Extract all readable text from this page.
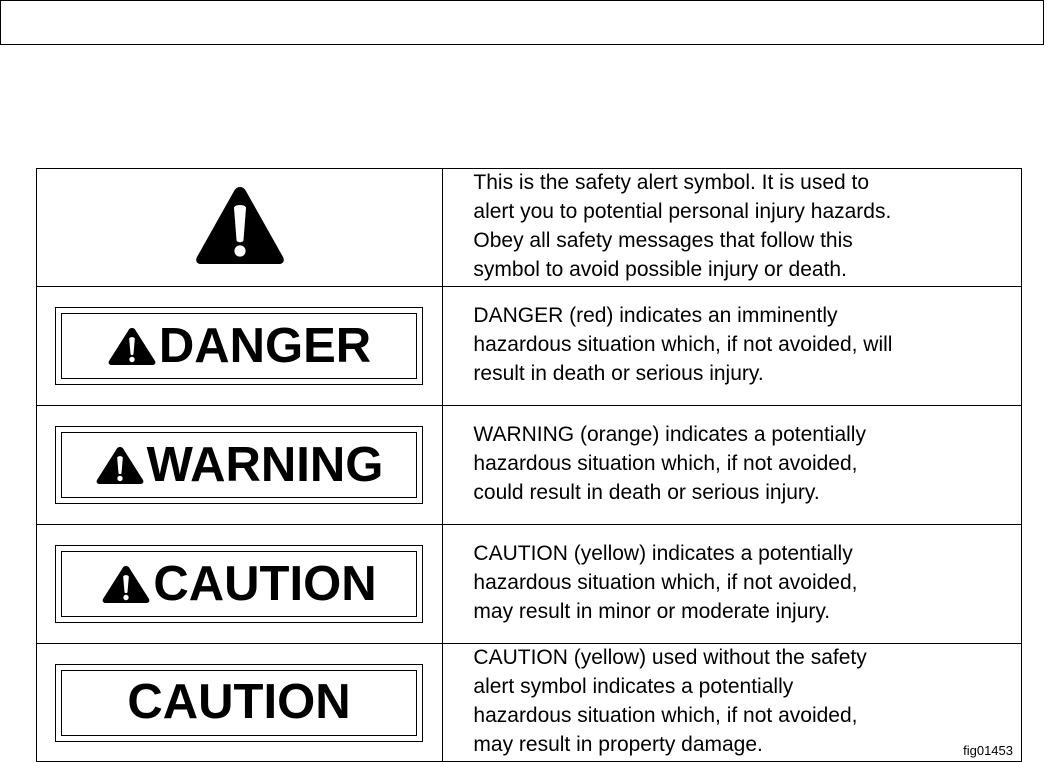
This is the safety alert symbol. It is used to
alert you to potential personal injury hazards.
Obey all safety messages that follow this
symbol to avoid possible injury or death.

DANGER	DANGER (red) indicates an imminently
hazardous situation which, if not avoided, will
result in death or serious injury.

WARNING	WARNING (orange) indicates a potentially
hazardous situation which, if not avoided,
could result in death or serious injury.

CAUTION	CAUTION (yellow) indicates a potentially
hazardous situation which, if not avoided,
may result in minor or moderate injury.

CAUTION	CAUTION (yellow) used without the safety
alert symbol indicates a potentially
hazardous situation which, if not avoided,
may result in property damage. fig01453
